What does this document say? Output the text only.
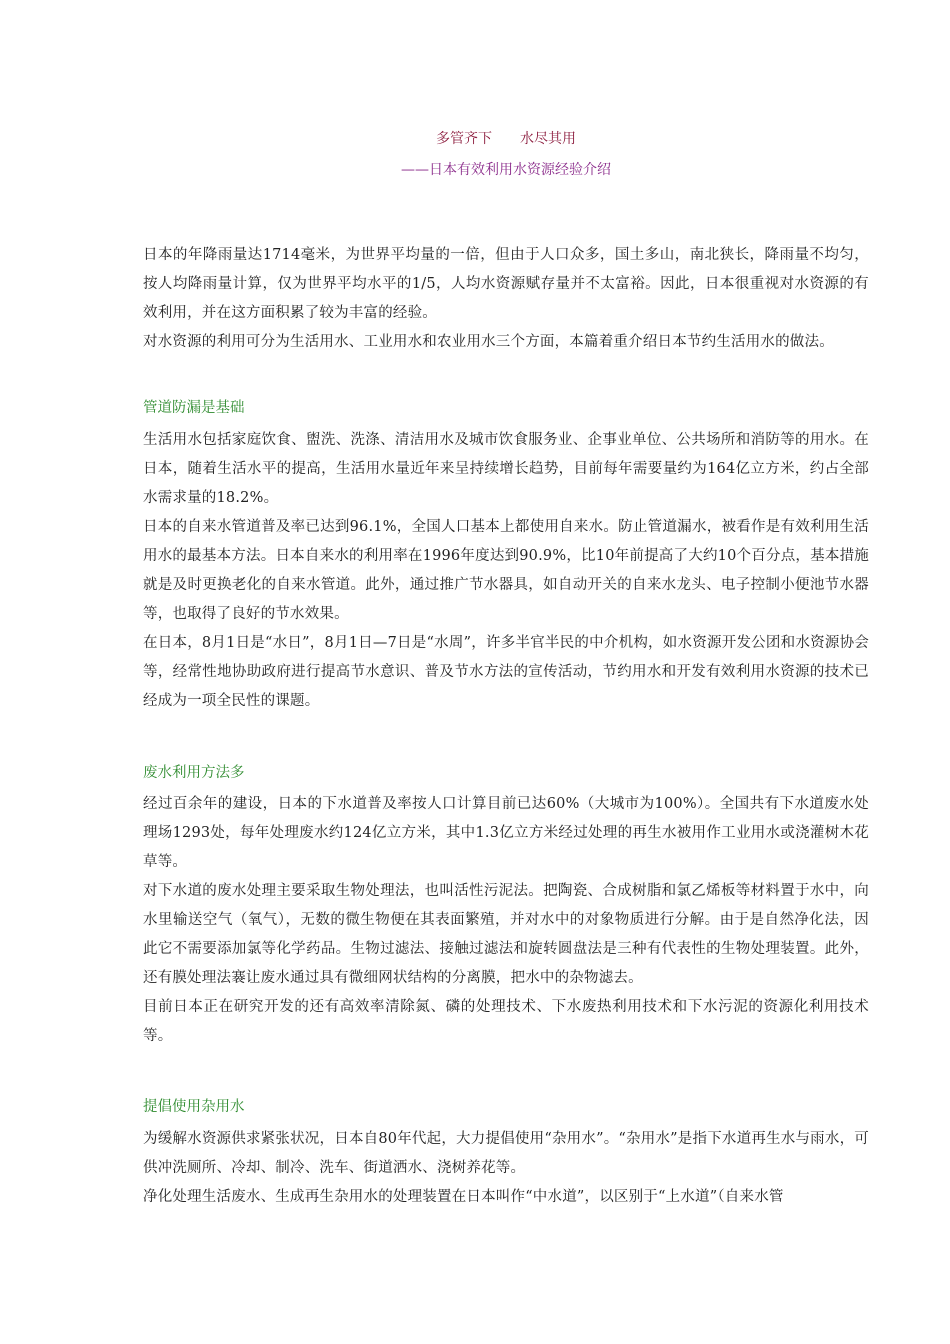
多管齐下　　水尽其用
——日本有效利用水资源经验介绍

日本的年降雨量达1714毫米，为世界平均量的一倍，但由于人口众多，国土多山，南北狭长，降雨量不均匀，按人均降雨量计算，仅为世界平均水平的1/5，人均水资源赋存量并不太富裕。因此，日本很重视对水资源的有效利用，并在这方面积累了较为丰富的经验。

对水资源的利用可分为生活用水、工业用水和农业用水三个方面，本篇着重介绍日本节约生活用水的做法。

管道防漏是基础

生活用水包括家庭饮食、盥洗、洗涤、清洁用水及城市饮食服务业、企事业单位、公共场所和消防等的用水。在日本，随着生活水平的提高，生活用水量近年来呈持续增长趋势，目前每年需要量约为164亿立方米，约占全部水需求量的18.2%。

日本的自来水管道普及率已达到96.1%，全国人口基本上都使用自来水。防止管道漏水，被看作是有效利用生活用水的最基本方法。日本自来水的利用率在1996年度达到90.9%，比10年前提高了大约10个百分点，基本措施就是及时更换老化的自来水管道。此外，通过推广节水器具，如自动开关的自来水龙头、电子控制小便池节水器等，也取得了良好的节水效果。

在日本，8月1日是“水日”，8月1日—7日是“水周”，许多半官半民的中介机构，如水资源开发公团和水资源协会等，经常性地协助政府进行提高节水意识、普及节水方法的宣传活动，节约用水和开发有效利用水资源的技术已经成为一项全民性的课题。

废水利用方法多

经过百余年的建设，日本的下水道普及率按人口计算目前已达60%（大城市为100%）。全国共有下水道废水处理场1293处，每年处理废水约124亿立方米，其中1.3亿立方米经过处理的再生水被用作工业用水或浇灌树木花草等。

对下水道的废水处理主要采取生物处理法，也叫活性污泥法。把陶瓷、合成树脂和氯乙烯板等材料置于水中，向水里输送空气（氧气），无数的微生物便在其表面繁殖，并对水中的对象物质进行分解。由于是自然净化法，因此它不需要添加氯等化学药品。生物过滤法、接触过滤法和旋转圆盘法是三种有代表性的生物处理装置。此外，还有膜处理法褰让废水通过具有微细网状结构的分离膜，把水中的杂物滤去。

目前日本正在研究开发的还有高效率清除氮、磷的处理技术、下水废热利用技术和下水污泥的资源化利用技术等。

提倡使用杂用水

为缓解水资源供求紧张状况，日本自80年代起，大力提倡使用“杂用水”。“杂用水”是指下水道再生水与雨水，可供冲洗厕所、冷却、制冷、洗车、街道洒水、浇树养花等。

净化处理生活废水、生成再生杂用水的处理装置在日本叫作“中水道”，以区别于“上水道”（自来水管
